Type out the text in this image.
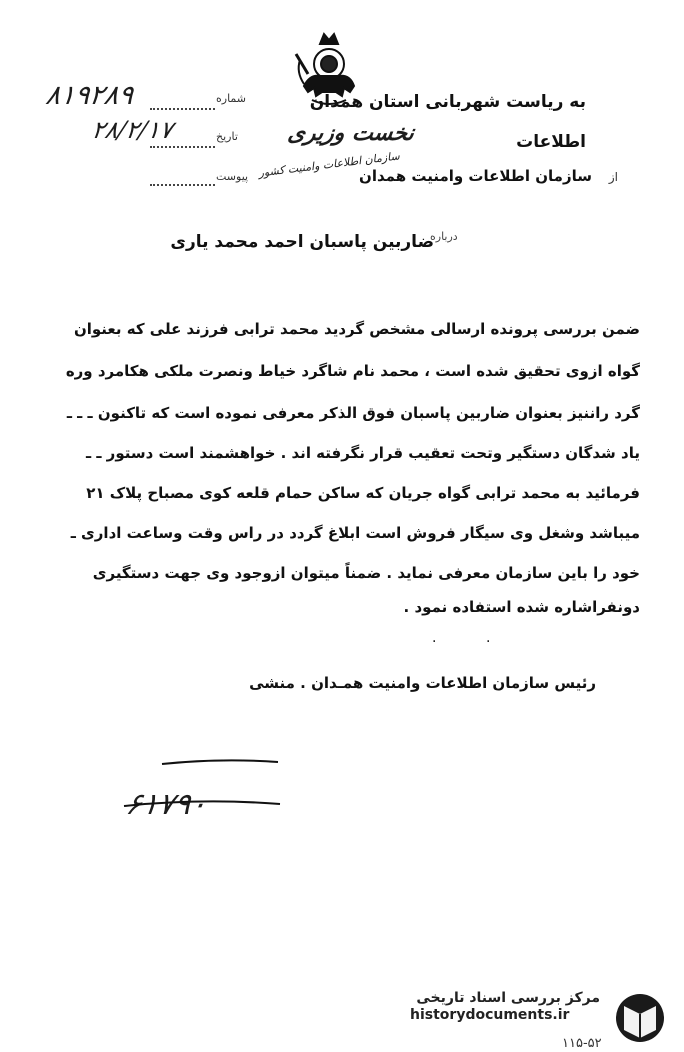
به ریاست شهربانی استان همدان
اطلاعات
از
سازمان اطلاعات وامنیت همدان
شماره
تاریخ
پیوست
۸۱۹۲۸۹
۲۸/۲/۱۷	نخست وزیری
سازمان اطلاعات وامنیت کشور
درباره
ضاربین پاسبان احمد محمد یاری
ضمن بررسی پرونده ارسالی مشخص گردید محمد ترابی فرزند علی که بعنوان
گواه ازوی تحقیق شده است ، محمد نام شاگرد خیاط ونصرت ملکی هکامرد وره
گرد راننیز بعنوان ضاربین پاسبان فوق الذکر معرفی نموده است که تاکنون ـ ـ ـ
یاد شدگان دستگیر وتحت تعقیب قرار نگرفته اند . خواهشمند است دستور ـ ـ
فرمائید به محمد ترابی گواه جریان که ساکن حمام قلعه کوی مصباح پلاک ۲۱
میباشد وشغل وی سیگار فروش است ابلاغ گردد در راس وقت وساعت اداری ـ
خود را باین سازمان معرفی نماید . ضمناً میتوان ازوجود وی جهت دستگیری
دونفراشاره شده استفاده نمود .
.	.
رئیس سازمان اطلاعات وامنیت همـدان . منشی
۶۱۷۹۰
مرکز بررسی اسناد تاریخی
historydocuments.ir
۱۱۵-۵۲
